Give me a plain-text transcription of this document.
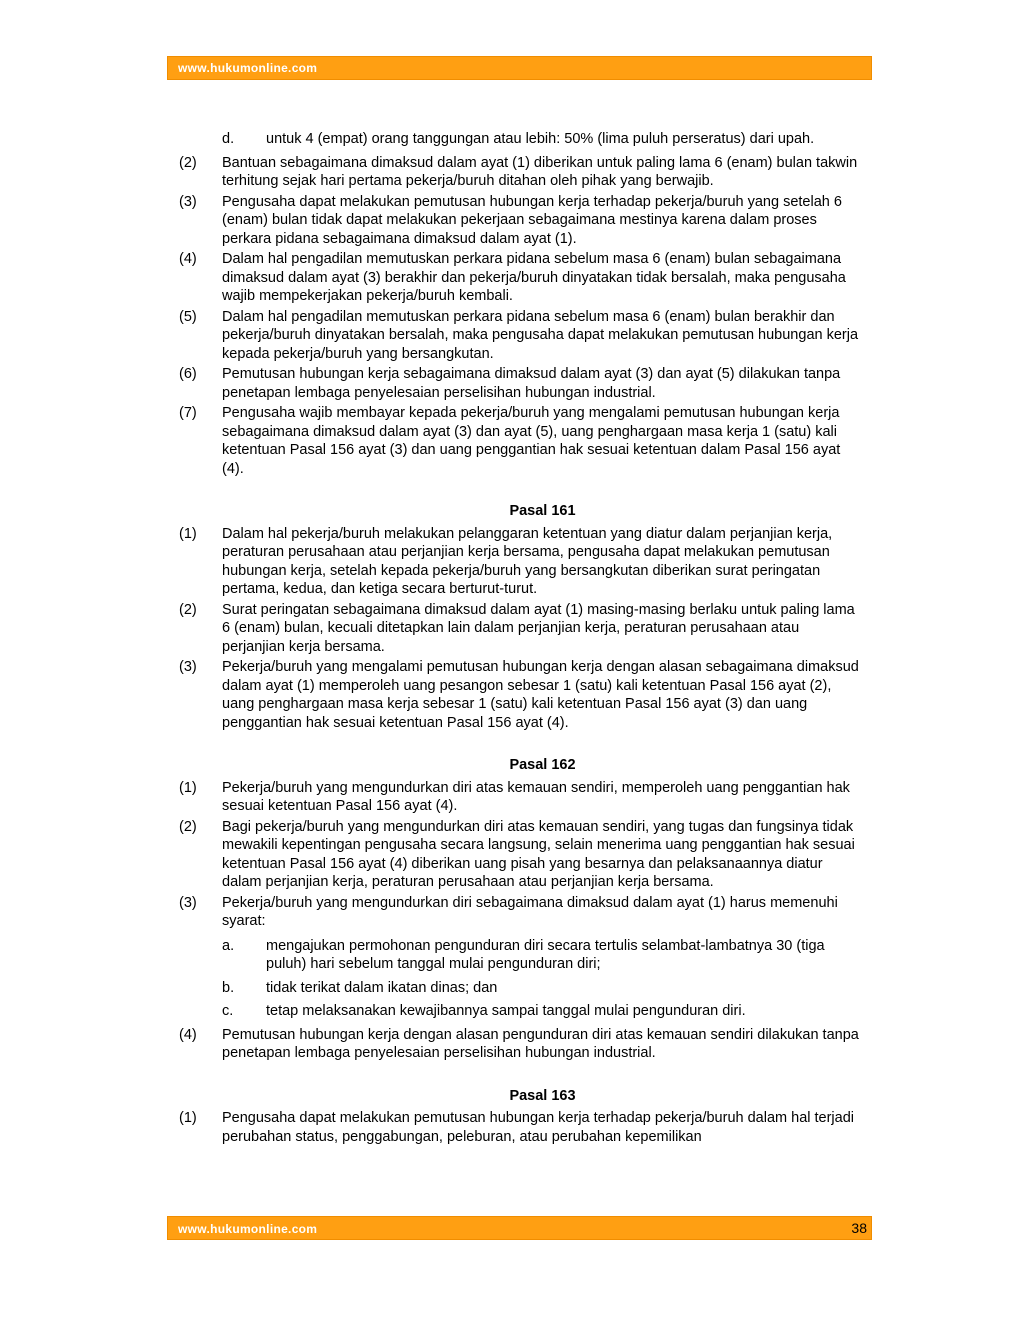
www.hukumonline.com
d. untuk 4 (empat) orang tanggungan atau lebih: 50% (lima puluh perseratus) dari upah.
(2) Bantuan sebagaimana dimaksud dalam ayat (1) diberikan untuk paling lama 6 (enam) bulan takwin terhitung sejak hari pertama pekerja/buruh ditahan oleh pihak yang berwajib.
(3) Pengusaha dapat melakukan pemutusan hubungan kerja terhadap pekerja/buruh yang setelah 6 (enam) bulan tidak dapat melakukan pekerjaan sebagaimana mestinya karena dalam proses perkara pidana sebagaimana dimaksud dalam ayat (1).
(4) Dalam hal pengadilan memutuskan perkara pidana sebelum masa 6 (enam) bulan sebagaimana dimaksud dalam ayat (3) berakhir dan pekerja/buruh dinyatakan tidak bersalah, maka pengusaha wajib mempekerjakan pekerja/buruh kembali.
(5) Dalam hal pengadilan memutuskan perkara pidana sebelum masa 6 (enam) bulan berakhir dan pekerja/buruh dinyatakan bersalah, maka pengusaha dapat melakukan pemutusan hubungan kerja kepada pekerja/buruh yang bersangkutan.
(6) Pemutusan hubungan kerja sebagaimana dimaksud dalam ayat (3) dan ayat (5) dilakukan tanpa penetapan lembaga penyelesaian perselisihan hubungan industrial.
(7) Pengusaha wajib membayar kepada pekerja/buruh yang mengalami pemutusan hubungan kerja sebagaimana dimaksud dalam ayat (3) dan ayat (5), uang penghargaan masa kerja 1 (satu) kali ketentuan Pasal 156 ayat (3) dan uang penggantian hak sesuai ketentuan dalam Pasal 156 ayat (4).
Pasal 161
(1) Dalam hal pekerja/buruh melakukan pelanggaran ketentuan yang diatur dalam perjanjian kerja, peraturan perusahaan atau perjanjian kerja bersama, pengusaha dapat melakukan pemutusan hubungan kerja, setelah kepada pekerja/buruh yang bersangkutan diberikan surat peringatan pertama, kedua, dan ketiga secara berturut-turut.
(2) Surat peringatan sebagaimana dimaksud dalam ayat (1) masing-masing berlaku untuk paling lama 6 (enam) bulan, kecuali ditetapkan lain dalam perjanjian kerja, peraturan perusahaan atau perjanjian kerja bersama.
(3) Pekerja/buruh yang mengalami pemutusan hubungan kerja dengan alasan sebagaimana dimaksud dalam ayat (1) memperoleh uang pesangon sebesar 1 (satu) kali ketentuan Pasal 156 ayat (2), uang penghargaan masa kerja sebesar 1 (satu) kali ketentuan Pasal 156 ayat (3) dan uang penggantian hak sesuai ketentuan Pasal 156 ayat (4).
Pasal 162
(1) Pekerja/buruh yang mengundurkan diri atas kemauan sendiri, memperoleh uang penggantian hak sesuai ketentuan Pasal 156 ayat (4).
(2) Bagi pekerja/buruh yang mengundurkan diri atas kemauan sendiri, yang tugas dan fungsinya tidak mewakili kepentingan pengusaha secara langsung, selain menerima uang penggantian hak sesuai ketentuan Pasal 156 ayat (4) diberikan uang pisah yang besarnya dan pelaksanaannya diatur dalam perjanjian kerja, peraturan perusahaan atau perjanjian kerja bersama.
(3) Pekerja/buruh yang mengundurkan diri sebagaimana dimaksud dalam ayat (1) harus memenuhi syarat:
a. mengajukan permohonan pengunduran diri secara tertulis selambat-lambatnya 30 (tiga puluh) hari sebelum tanggal mulai pengunduran diri;
b. tidak terikat dalam ikatan dinas; dan
c. tetap melaksanakan kewajibannya sampai tanggal mulai pengunduran diri.
(4) Pemutusan hubungan kerja dengan alasan pengunduran diri atas kemauan sendiri dilakukan tanpa penetapan lembaga penyelesaian perselisihan hubungan industrial.
Pasal 163
(1) Pengusaha dapat melakukan pemutusan hubungan kerja terhadap pekerja/buruh dalam hal terjadi perubahan status, penggabungan, peleburan, atau perubahan kepemilikan
www.hukumonline.com	38
